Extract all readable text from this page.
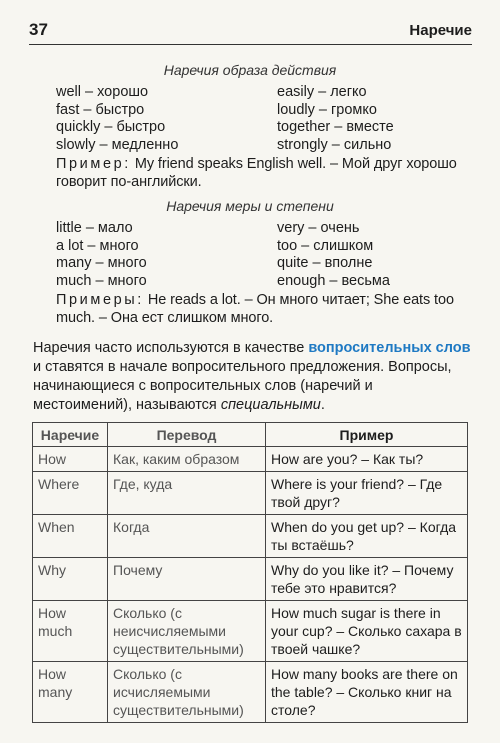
37	Наречие
Наречия образа действия
well – хорошо	easily – легко
fast – быстро	loudly – громко
quickly – быстро	together – вместе
slowly – медленно	strongly – сильно
Пример: My friend speaks English well. – Мой друг хорошо говорит по-английски.
Наречия меры и степени
little – мало	very – очень
a lot – много	too – слишком
many – много	quite – вполне
much – много	enough – весьма
Примеры: He reads a lot. – Он много читает; She eats too much. – Она ест слишком много.
Наречия часто используются в качестве вопросительных слов и ставятся в начале вопросительного предложения. Вопросы, начинающиеся с вопросительных слов (наречий и местоимений), называются специальными.
Наречие	Перевод	Пример
How	Как, каким образом	How are you? – Как ты?
Where	Где, куда	Where is your friend? – Где твой друг?
When	Когда	When do you get up? – Когда ты встаёшь?
Why	Почему	Why do you like it? – Почему тебе это нравится?
How much	Сколько (с неисчисляемыми существительными)	How much sugar is there in your cup? – Сколько сахара в твоей чашке?
How many	Сколько (с исчисляемыми существительными)	How many books are there on the table? – Сколько книг на столе?
